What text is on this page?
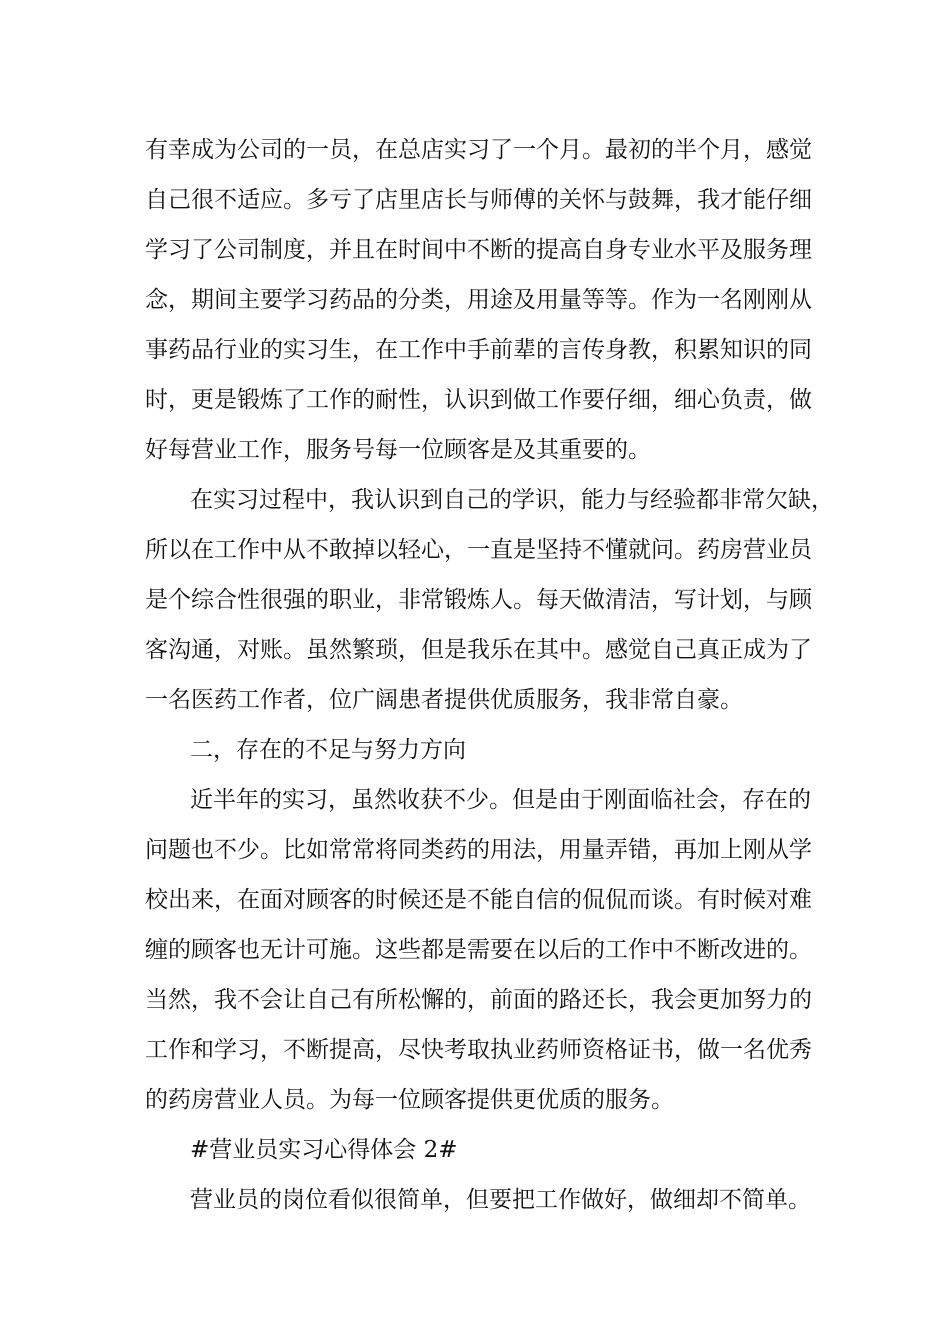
有幸成为公司的一员，在总店实习了一个月。最初的半个月，感觉
自己很不适应。多亏了店里店长与师傅的关怀与鼓舞，我才能仔细
学习了公司制度，并且在时间中不断的提高自身专业水平及服务理
念，期间主要学习药品的分类，用途及用量等等。作为一名刚刚从
事药品行业的实习生，在工作中手前辈的言传身教，积累知识的同
时，更是锻炼了工作的耐性，认识到做工作要仔细，细心负责，做
好每营业工作，服务号每一位顾客是及其重要的。
在实习过程中，我认识到自己的学识，能力与经验都非常欠缺，
所以在工作中从不敢掉以轻心，一直是坚持不懂就问。药房营业员
是个综合性很强的职业，非常锻炼人。每天做清洁，写计划，与顾
客沟通，对账。虽然繁琐，但是我乐在其中。感觉自己真正成为了
一名医药工作者，位广阔患者提供优质服务，我非常自豪。
二，存在的不足与努力方向
近半年的实习，虽然收获不少。但是由于刚面临社会，存在的
问题也不少。比如常常将同类药的用法，用量弄错，再加上刚从学
校出来，在面对顾客的时候还是不能自信的侃侃而谈。有时候对难
缠的顾客也无计可施。这些都是需要在以后的工作中不断改进的。
当然，我不会让自己有所松懈的，前面的路还长，我会更加努力的
工作和学习，不断提高，尽快考取执业药师资格证书，做一名优秀
的药房营业人员。为每一位顾客提供更优质的服务。
#营业员实习心得体会 2#
营业员的岗位看似很简单，但要把工作做好，做细却不简单。
